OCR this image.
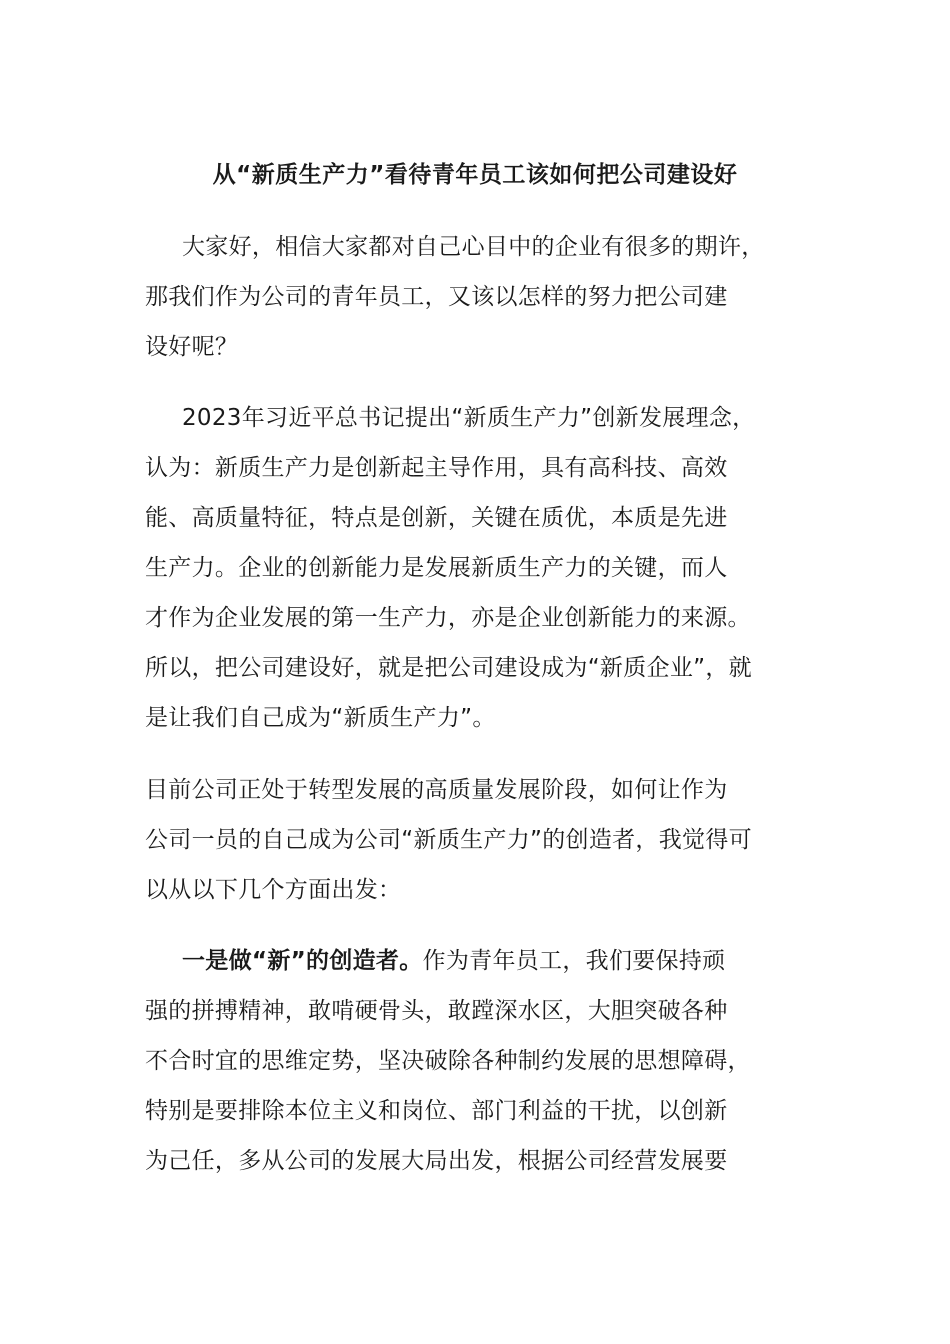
从“新质生产力”看待青年员工该如何把公司建设好
大家好，相信大家都对自己心目中的企业有很多的期许，
那我们作为公司的青年员工，又该以怎样的努力把公司建
设好呢？
2023年习近平总书记提出“新质生产力”创新发展理念，
认为：新质生产力是创新起主导作用，具有高科技、高效
能、高质量特征，特点是创新，关键在质优，本质是先进
生产力。企业的创新能力是发展新质生产力的关键，而人
才作为企业发展的第一生产力，亦是企业创新能力的来源。
所以，把公司建设好，就是把公司建设成为“新质企业”，就
是让我们自己成为“新质生产力”。
目前公司正处于转型发展的高质量发展阶段，如何让作为
公司一员的自己成为公司“新质生产力”的创造者，我觉得可
以从以下几个方面出发：
一是做“新”的创造者。作为青年员工，我们要保持顽
强的拼搏精神，敢啃硬骨头，敢蹚深水区，大胆突破各种
不合时宜的思维定势，坚决破除各种制约发展的思想障碍，
特别是要排除本位主义和岗位、部门利益的干扰，以创新
为己任，多从公司的发展大局出发，根据公司经营发展要
